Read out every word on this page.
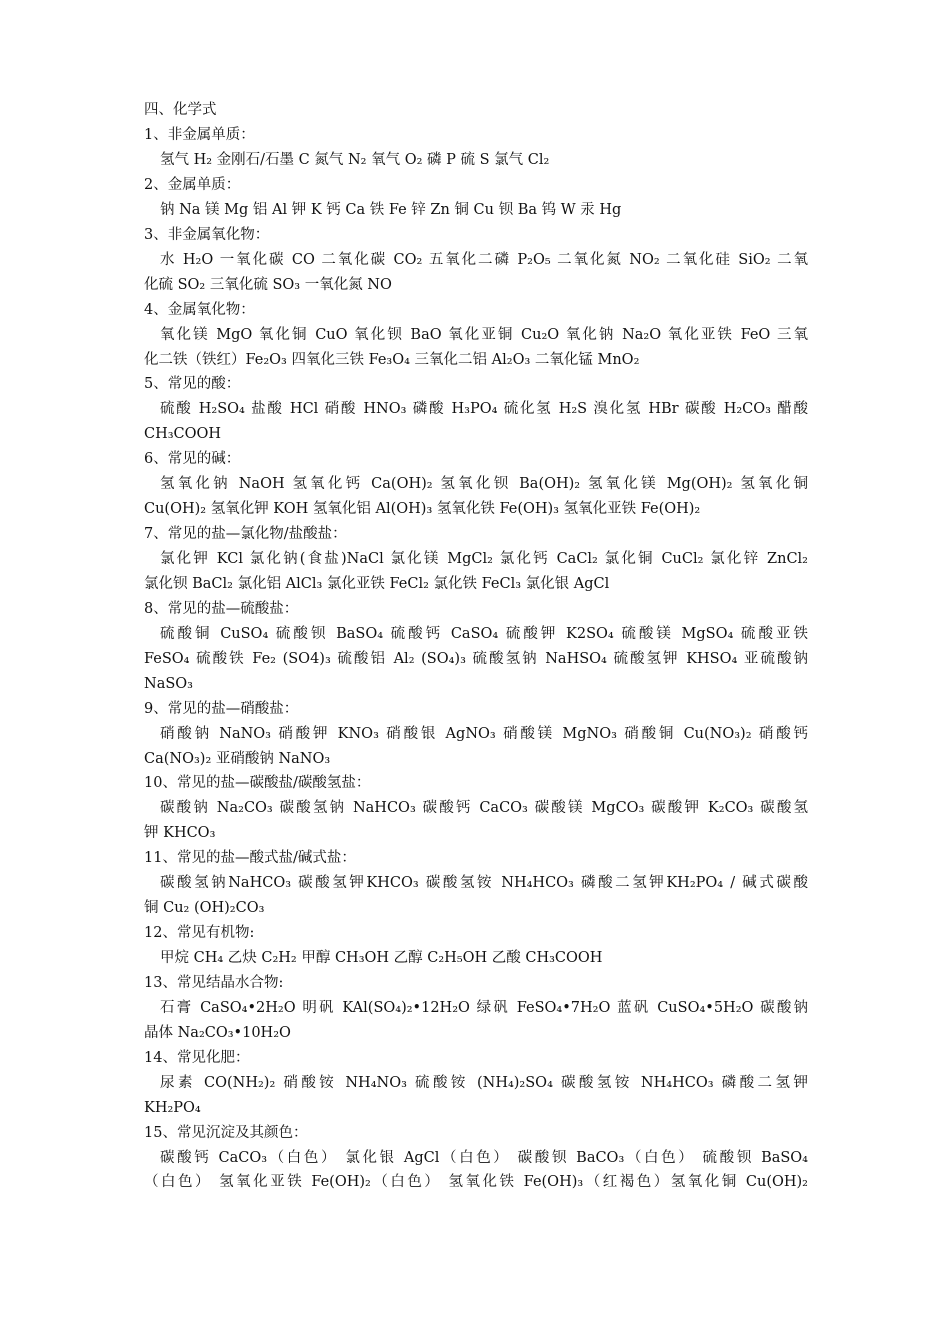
四、化学式
1、非金属单质：
氢气 H₂ 金刚石/石墨 C 氮气 N₂ 氧气 O₂ 磷 P 硫 S 氯气 Cl₂
2、金属单质：
钠 Na 镁 Mg 铝 Al 钾 K 钙 Ca 铁 Fe 锌 Zn 铜 Cu 钡 Ba 钨 W 汞 Hg
3、非金属氧化物：
水 H₂O 一氧化碳 CO 二氧化碳 CO₂ 五氧化二磷 P₂O₅ 二氧化氮 NO₂ 二氧化硅 SiO₂ 二氧
化硫 SO₂ 三氧化硫 SO₃ 一氧化氮 NO
4、金属氧化物：
氧化镁 MgO 氧化铜 CuO 氧化钡 BaO 氧化亚铜 Cu₂O 氧化钠 Na₂O 氧化亚铁 FeO 三氧
化二铁（铁红）Fe₂O₃ 四氧化三铁 Fe₃O₄ 三氧化二铝 Al₂O₃ 二氧化锰 MnO₂
5、常见的酸：
硫酸 H₂SO₄ 盐酸 HCl 硝酸 HNO₃ 磷酸 H₃PO₄ 硫化氢 H₂S 溴化氢 HBr 碳酸 H₂CO₃ 醋酸
CH₃COOH
6、常见的碱：
氢氧化钠 NaOH 氢氧化钙 Ca(OH)₂ 氢氧化钡 Ba(OH)₂ 氢氧化镁 Mg(OH)₂ 氢氧化铜
Cu(OH)₂ 氢氧化钾 KOH 氢氧化铝 Al(OH)₃ 氢氧化铁 Fe(OH)₃ 氢氧化亚铁 Fe(OH)₂
7、常见的盐—氯化物/盐酸盐：
氯化钾 KCl 氯化钠(食盐)NaCl 氯化镁 MgCl₂ 氯化钙 CaCl₂ 氯化铜 CuCl₂ 氯化锌 ZnCl₂
氯化钡 BaCl₂ 氯化铝 AlCl₃ 氯化亚铁 FeCl₂ 氯化铁 FeCl₃ 氯化银 AgCl
8、常见的盐—硫酸盐：
硫酸铜 CuSO₄ 硫酸钡 BaSO₄ 硫酸钙 CaSO₄ 硫酸钾 K2SO₄ 硫酸镁 MgSO₄ 硫酸亚铁
FeSO₄ 硫酸铁 Fe₂ (SO4)₃ 硫酸铝 Al₂ (SO₄)₃ 硫酸氢钠 NaHSO₄ 硫酸氢钾 KHSO₄ 亚硫酸钠
NaSO₃
9、常见的盐—硝酸盐：
硝酸钠 NaNO₃ 硝酸钾 KNO₃ 硝酸银 AgNO₃ 硝酸镁 MgNO₃ 硝酸铜 Cu(NO₃)₂ 硝酸钙
Ca(NO₃)₂ 亚硝酸钠 NaNO₃
10、常见的盐—碳酸盐/碳酸氢盐：
碳酸钠 Na₂CO₃ 碳酸氢钠 NaHCO₃ 碳酸钙 CaCO₃ 碳酸镁 MgCO₃ 碳酸钾 K₂CO₃ 碳酸氢
钾 KHCO₃
11、常见的盐—酸式盐/碱式盐：
碳酸氢钠NaHCO₃ 碳酸氢钾KHCO₃ 碳酸氢铵 NH₄HCO₃ 磷酸二氢钾KH₂PO₄ / 碱式碳酸
铜 Cu₂ (OH)₂CO₃
12、常见有机物:
甲烷 CH₄ 乙炔 C₂H₂ 甲醇 CH₃OH 乙醇 C₂H₅OH 乙酸 CH₃COOH
13、常见结晶水合物:
石膏 CaSO₄•2H₂O 明矾 KAl(SO₄)₂•12H₂O 绿矾 FeSO₄•7H₂O 蓝矾 CuSO₄•5H₂O 碳酸钠
晶体 Na₂CO₃•10H₂O
14、常见化肥：
尿素 CO(NH₂)₂ 硝酸铵 NH₄NO₃ 硫酸铵 (NH₄)₂SO₄ 碳酸氢铵 NH₄HCO₃ 磷酸二氢钾
KH₂PO₄
15、常见沉淀及其颜色：
碳酸钙 CaCO₃（白色） 氯化银 AgCl（白色） 碳酸钡 BaCO₃（白色） 硫酸钡 BaSO₄
（白色） 氢氧化亚铁 Fe(OH)₂（白色） 氢氧化铁 Fe(OH)₃（红褐色）氢氧化铜 Cu(OH)₂
